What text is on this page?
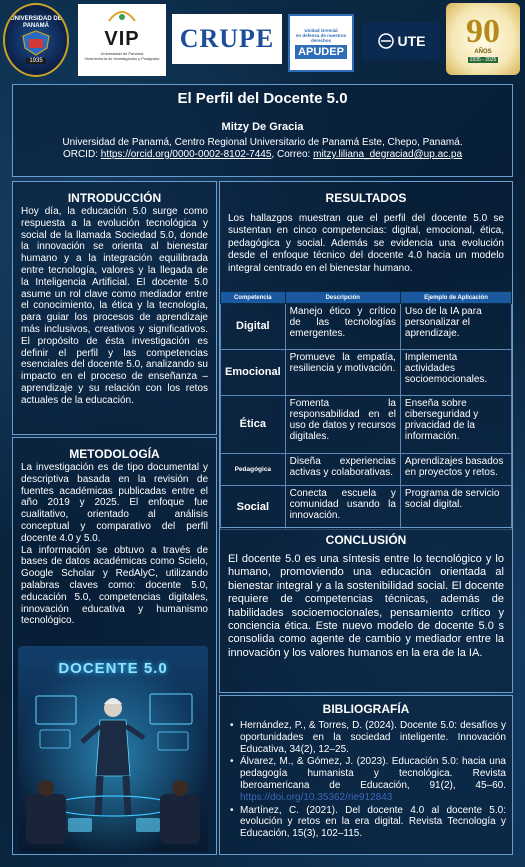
UNIVERSIDAD DE PANAMÁ
1935
VIP
Universidad de Panamá
Vicerrectoría de Investigación y Postgrado
CRUPE	Unidad Gremial
en defensa de nuestros derechos
APUDEP
UTE 90
AÑOS
1935 - 2025
El Perfil del Docente 5.0
Mitzy De Gracia
Universidad de Panamá, Centro Regional Universitario de Panamá Este, Chepo, Panamá.
ORCID: https://orcid.org/0000-0002-8102-7445, Correo: mitzy.liliana_degraciad@up.ac.pa
INTRODUCCIÓN

Hoy día, la educación 5.0 surge como respuesta a la evolución tecnológica y social de la llamada Sociedad 5.0, donde la innovación se orienta al bienestar humano y a la integración equilibrada entre tecnología, valores y la llegada de la Inteligencia Artificial. El docente 5.0 asume un rol clave como mediador entre el conocimiento, la ética y la tecnología, para guiar los procesos de aprendizaje más inclusivos, creativos y significativos. El propósito de ésta investigación es definir el perfil y las competencias esenciales del docente 5.0, analizando su impacto en el proceso de enseñanza – aprendizaje y su relación con los retos actuales de la educación.

METODOLOGÍA

La investigación es de tipo documental y descriptiva basada en la revisión de fuentes académicas publicadas entre el año 2019 y 2025. El enfoque fue cualitativo, orientado al análisis conceptual y comparativo del perfil docente 4.0 y 5.0.

La información se obtuvo a través de bases de datos académicas como Scielo, Google Scholar y RedAlyC, utilizando palabras claves como: docente 5.0, educación 5.0, competencias digitales, innovación educativa y humanismo tecnológico.

DOCENTE 5.0
RESULTADOS

Los hallazgos muestran que el perfil del docente 5.0 se sustentan en cinco competencias: digital, emocional, ética, pedagógica y social. Además se evidencia una evolución desde el enfoque técnico del docente 4.0 hacia un modelo integral centrado en el bienestar humano.

Competencia	Descripción	Ejemplo de Aplicación
Digital	Manejo ético y crítico de las tecnologías emergentes.	Uso de la IA para personalizar el aprendizaje.
Emocional	Promueve la empatía, resiliencia y motivación.	Implementa actividades socioemocionales.
Ética	Fomenta la responsabilidad en el uso de datos y recursos digitales.	Enseña sobre ciberseguridad y privacidad de la información.
Pedagógica	Diseña experiencias activas y colaborativas.	Aprendizajes basados en proyectos y retos.
Social	Conecta escuela y comunidad usando la innovación.	Programa de servicio social digital.
CONCLUSIÓN

El docente 5.0 es una síntesis entre lo tecnológico y lo humano, promoviendo una educación orientada al bienestar integral y a la sostenibilidad social. El docente requiere de competencias técnicas, además de habilidades socioemocionales, pensamiento crítico y conciencia ética. Este nuevo modelo de docente 5.0 s consolida como agente de cambio y mediador entre la innovación y los valores humanos en la era de la IA.

BIBLIOGRAFÍA
• Hernández, P., & Torres, D. (2024). Docente 5.0: desafíos y oportunidades en la sociedad inteligente. Innovación Educativa, 34(2), 12–25.
• Álvarez, M., & Gómez, J. (2023). Educación 5.0: hacia una pedagogía humanista y tecnológica. Revista Iberoamericana de Educación, 91(2), 45–60. https://doi.org/10.35362/rie912843
• Martínez, C. (2021). Del docente 4.0 al docente 5.0: evolución y retos en la era digital. Revista Tecnología y Educación, 15(3), 102–115.
